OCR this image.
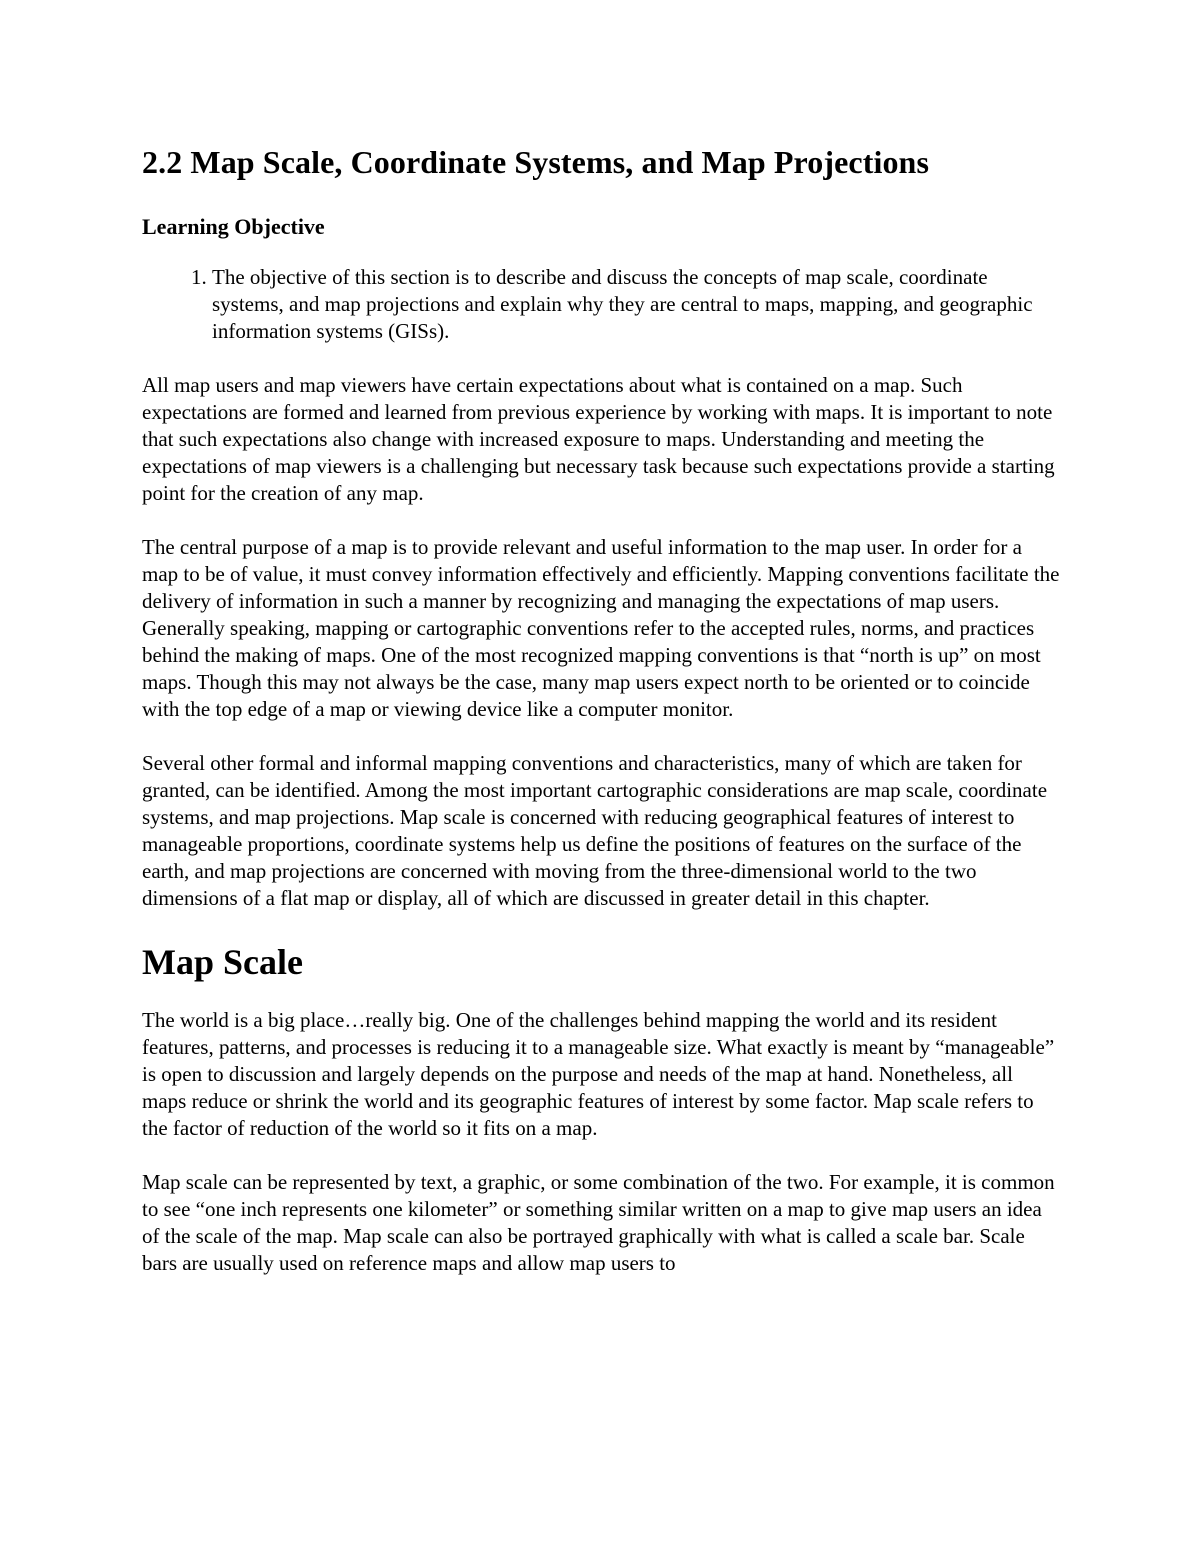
2.2 Map Scale, Coordinate Systems, and Map Projections
Learning Objective
1. The objective of this section is to describe and discuss the concepts of map scale, coordinate systems, and map projections and explain why they are central to maps, mapping, and geographic information systems (GISs).

All map users and map viewers have certain expectations about what is contained on a map. Such expectations are formed and learned from previous experience by working with maps. It is important to note that such expectations also change with increased exposure to maps. Understanding and meeting the expectations of map viewers is a challenging but necessary task because such expectations provide a starting point for the creation of any map.

The central purpose of a map is to provide relevant and useful information to the map user. In order for a map to be of value, it must convey information effectively and efficiently. Mapping conventions facilitate the delivery of information in such a manner by recognizing and managing the expectations of map users. Generally speaking, mapping or cartographic conventions refer to the accepted rules, norms, and practices behind the making of maps. One of the most recognized mapping conventions is that “north is up” on most maps. Though this may not always be the case, many map users expect north to be oriented or to coincide with the top edge of a map or viewing device like a computer monitor.

Several other formal and informal mapping conventions and characteristics, many of which are taken for granted, can be identified. Among the most important cartographic considerations are map scale, coordinate systems, and map projections. Map scale is concerned with reducing geographical features of interest to manageable proportions, coordinate systems help us define the positions of features on the surface of the earth, and map projections are concerned with moving from the three-dimensional world to the two dimensions of a flat map or display, all of which are discussed in greater detail in this chapter.

Map Scale

The world is a big place…really big. One of the challenges behind mapping the world and its resident features, patterns, and processes is reducing it to a manageable size. What exactly is meant by “manageable” is open to discussion and largely depends on the purpose and needs of the map at hand. Nonetheless, all maps reduce or shrink the world and its geographic features of interest by some factor. Map scale refers to the factor of reduction of the world so it fits on a map.

Map scale can be represented by text, a graphic, or some combination of the two. For example, it is common to see “one inch represents one kilometer” or something similar written on a map to give map users an idea of the scale of the map. Map scale can also be portrayed graphically with what is called a scale bar. Scale bars are usually used on reference maps and allow map users to
